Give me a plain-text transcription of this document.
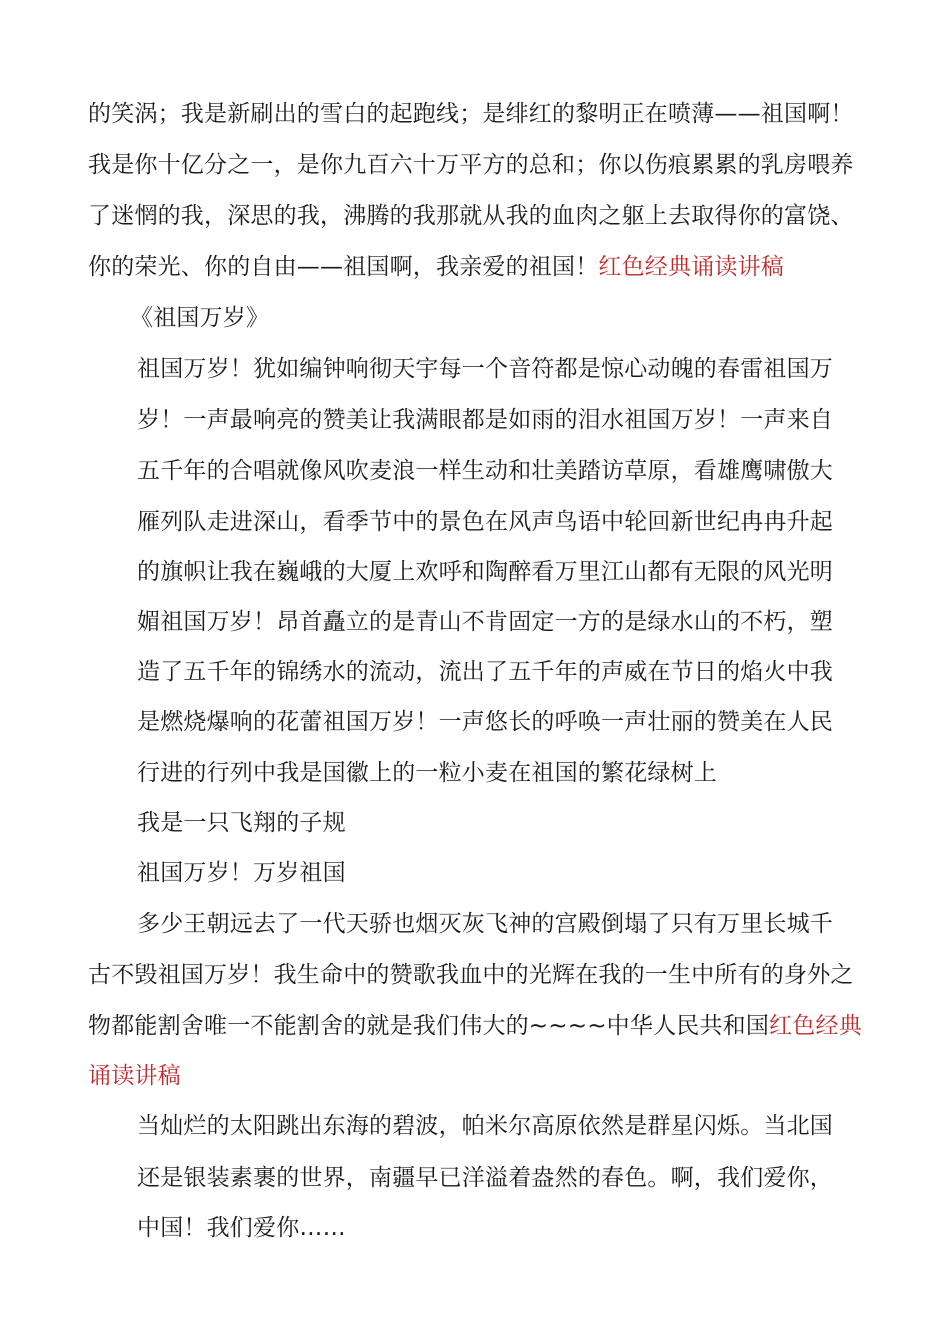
的笑涡；我是新刷出的雪白的起跑线；是绯红的黎明正在喷薄——祖国啊！
我是你十亿分之一，是你九百六十万平方的总和；你以伤痕累累的乳房喂养
了迷惘的我，深思的我，沸腾的我那就从我的血肉之躯上去取得你的富饶、
你的荣光、你的自由——祖国啊，我亲爱的祖国！红色经典诵读讲稿
《祖国万岁》
祖国万岁！犹如编钟响彻天宇每一个音符都是惊心动魄的春雷祖国万
岁！一声最响亮的赞美让我满眼都是如雨的泪水祖国万岁！一声来自
五千年的合唱就像风吹麦浪一样生动和壮美踏访草原，看雄鹰啸傲大
雁列队走进深山，看季节中的景色在风声鸟语中轮回新世纪冉冉升起
的旗帜让我在巍峨的大厦上欢呼和陶醉看万里江山都有无限的风光明
媚祖国万岁！昂首矗立的是青山不肯固定一方的是绿水山的不朽，塑
造了五千年的锦绣水的流动，流出了五千年的声威在节日的焰火中我
是燃烧爆响的花蕾祖国万岁！一声悠长的呼唤一声壮丽的赞美在人民
行进的行列中我是国徽上的一粒小麦在祖国的繁花绿树上
我是一只飞翔的子规
祖国万岁！万岁祖国
多少王朝远去了一代天骄也烟灭灰飞神的宫殿倒塌了只有万里长城千
古不毁祖国万岁！我生命中的赞歌我血中的光辉在我的一生中所有的身外之
物都能割舍唯一不能割舍的就是我们伟大的~~~~中华人民共和国红色经典
诵读讲稿
当灿烂的太阳跳出东海的碧波，帕米尔高原依然是群星闪烁。当北国
还是银装素裹的世界，南疆早已洋溢着盎然的春色。啊，我们爱你，
中国！我们爱你……
